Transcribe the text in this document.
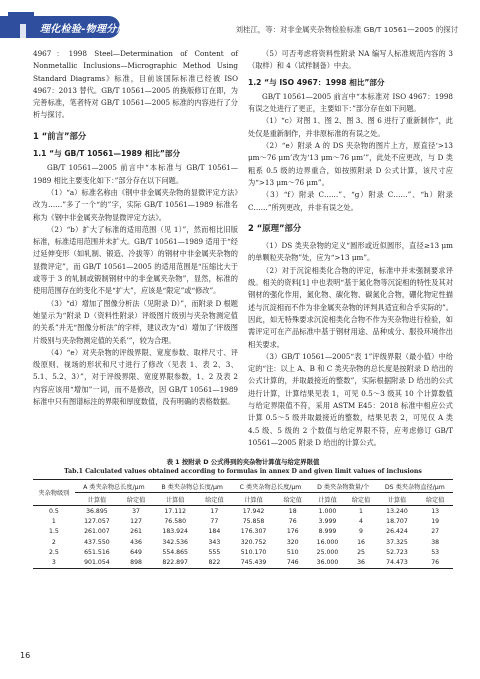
理化检验-物理分册	刘桂江，等：对非金属夹杂物检验标准 GB/T 10561—2005 的探讨

4967：1998 Steel—Determination of Content of Nonmetallic Inclusions—Micrographic Method Using Standard Diagrams》标准，目前该国际标准已经被 ISO 4967：2013 替代。GB/T 10561—2005 的换版修订在即，为完善标准，笔者特对 GB/T 10561—2005 标准的内容进行了分析与探讨。

1 “前言”部分
1.1 “与 GB/T 10561—1989 相比”部分

GB/T 10561—2005 前言中“本标准与 GB/T 10561—1989 相比主要变化如下：”部分存在以下问题。

（1）“a）标准名称由《钢中非金属夹杂物的显微评定方法》改为……”多了一个“的”字，实际 GB/T 10561—1989 标准名称为《钢中非金属夹杂物显微评定方法》。

（2）“b）扩大了标准的适用范围（见 1）”，然而相比旧版标准，标准适用范围并未扩大。GB/T 10561—1989 适用于“经过延伸变形（如轧制、锻造、冷拔等）的钢材中非金属夹杂物的显微评定”，而 GB/T 10561—2005 的适用范围是“压缩比大于或等于 3 的轧制或锻制钢材中的非金属夹杂物”，显然，标准的使用范围存在的变化不是“扩大”，应该是“限定”或“修改”。

（3）“d）增加了图像分析法（见附录 D）”，而附录 D 根题她显示为“附录 D（资料性附录）评级图片级别与夹杂物测定值的关系”并无“图像分析法”的字样，建议改为“d）增加了‘评级图片级别与夹杂物测定值的关系’”，较为合理。

（4）“e）对夹杂物的评级界限、宽度参数、取样尺寸、评级原则、视场的形状和尺寸进行了修改（见表 1、表 2、3、5.1、5.2、3）”，对于评级界限、宽度界限参数，1、2 及表 2 内容应该用“增加”一词，而不是修改，因 GB/T 10561—1989 标准中只有图谱标注的界限和厚度数值，没有明确的表格数据。

（5）可否考虑将资料性附录 NA 编写人标准规范内容的 3（取样）和 4（试样制备）中去。

1.2 “与 ISO 4967：1998 相比”部分

GB/T 10561—2005 前言中“本标准对 ISO 4967：1998 有误之处进行了更正，主要如下：”部分存在如下问题。

（1）“c）对图 1、图 2、图 3、图 6 进行了重新制作”，此处仅是重新制作，并非原标准的有误之处。

（2）“e）附录 A 的 DS 夹杂物的图片上方，原直径‘>13 μm～76 μm’改为‘13 μm～76 μm’”，此处不应更改，与 D 类粗系 0.5 级的边界重合，如按照附录 D 公式计算，该尺寸应为“>13 μm～76 μm”。

（3）“f）附录 C……”、“g）附录 C……”、“h）附录 C……”所列更改，并非有误之处。

2 “原理”部分

（1）DS 类夹杂物的定义“圆形或近似圆形，直径≥13 μm 的单颗粒夹杂物”处，应为“>13 μm”。

（2）对于沉淀相类化合物的评定，标准中并未强制要求评级。相关的资料[1] 中也表明“基于氮化物等沉淀相的特性及其对钢材的强化作用，氮化物、碳化物、碳氮化合物，硼化物定性描述与沉淀相而不作为非金属夹杂物的评判具适宜和合乎实际的”。因此，如无特殊要求沉淀相类化合物不作为夹杂物进行检验，如需评定可在产品标准中基于钢材用途、品种成分、服役环境作出相关要求。

（3）GB/T 10561—2005“表 1”评级界限（最小值）中给定的“注：以上 A、B 和 C 类夹杂物的总长度是按附录 D 给出的公式计算的，并取最接近的整数”，实际根据附录 D 给出的公式进行计算，计算结果见表 1，可见 0.5～3 级其 10 个计算数值与给定界限值不符，采用 ASTM E45：2018 标准中相应公式计算 0.5～5 级并取最接近的整数，结果见表 2，可见仅 A 类 4.5 级、5 级的 2 个数值与给定界限不符，应考虑修订 GB/T 10561—2005 附录 D 给出的计算公式。

表 1 按附录 D 公式得到的夹杂物计算值与给定界限值
Tab.1 Calculated values obtained according to formulas in annex D and given limit values of inclusions
夹杂物级别	A 类夹杂物总长度/μm		B 类夹杂物总长度/μm		C 类夹杂物总长度/μm		D 类夹杂物数量/个		DS 类夹杂物直径/μm	
	计算值	给定值	计算值	给定值	计算值	给定值	计算值	给定值	计算值	给定值
0.5	36.895	37	17.112	17	17.942	18	1.000	1	13.240	13
1	127.057	127	76.580	77	75.858	76	3.999	4	18.707	19
1.5	261.007	261	183.924	184	176.307	176	8.999	9	26.424	27
2	437.550	436	342.536	343	320.752	320	16.000	16	37.325	38
2.5	651.516	649	554.865	555	510.170	510	25.000	25	52.723	53
3	901.054	898	822.897	822	745.439	746	36.000	36	74.473	76
16
